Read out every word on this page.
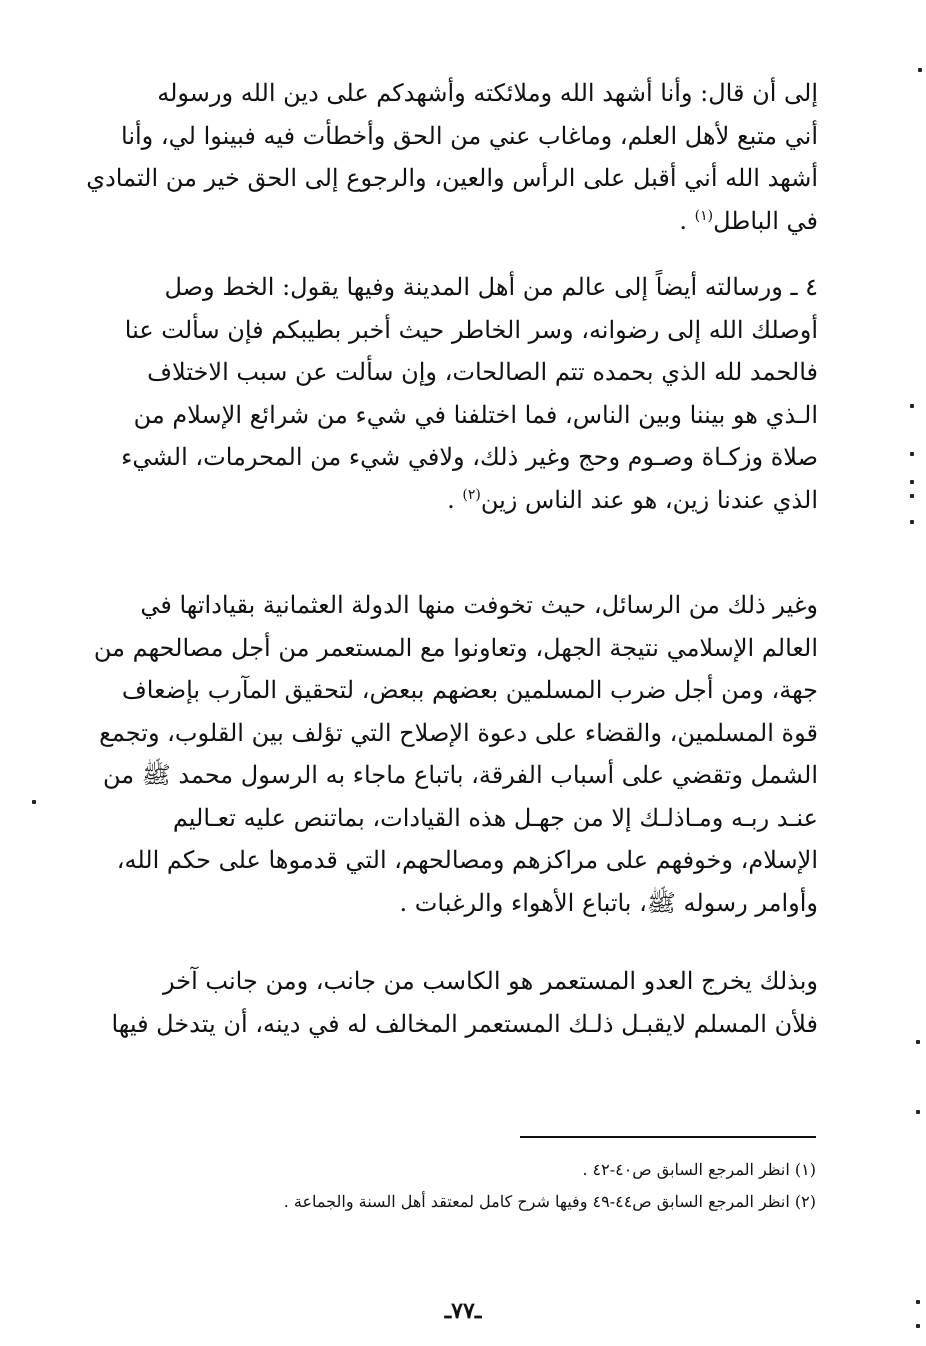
إلى أن قال: وأنا أشهد الله وملائكته وأشهدكم على دين الله ورسوله
أني متبع لأهل العلم، وماغاب عني من الحق وأخطأت فيه فبينوا لي، وأنا
أشهد الله أني أقبل على الرأس والعين، والرجوع إلى الحق خير من التمادي
في الباطل$^{(١)}$ .
٤ ـ ورسالته أيضاً إلى عالم من أهل المدينة وفيها يقول: الخط وصل
أوصلك الله إلى رضوانه، وسر الخاطر حيث أخبر بطيبكم فإن سألت عنا
فالحمد لله الذي بحمده تتم الصالحات، وإن سألت عن سبب الاختلاف
الـذي هو بيننا وبين الناس، فما اختلفنا في شيء من شرائع الإسلام من
صلاة وزكـاة وصـوم وحج وغير ذلك، ولافي شيء من المحرمات، الشيء
الذي عندنا زين، هو عند الناس زين$^{(٢)}$ .
وغير ذلك من الرسائل، حيث تخوفت منها الدولة العثمانية بقياداتها في
العالم الإسلامي نتيجة الجهل، وتعاونوا مع المستعمر من أجل مصالحهم من
جهة، ومن أجل ضرب المسلمين بعضهم ببعض، لتحقيق المآرب بإضعاف
قوة المسلمين، والقضاء على دعوة الإصلاح التي تؤلف بين القلوب، وتجمع
الشمل وتقضي على أسباب الفرقة، باتباع ماجاء به الرسول محمد ﷺ من
عنـد ربـه ومـاذلـك إلا من جهـل هذه القيادات، بماتنص عليه تعـاليم
الإسلام، وخوفهم على مراكزهم ومصالحهم، التي قدموها على حكم الله،
وأوامر رسوله ﷺ، باتباع الأهواء والرغبات .
وبذلك يخرج العدو المستعمر هو الكاسب من جانب، ومن جانب آخر
فلأن المسلم لايقبـل ذلـك المستعمر المخالف له في دينه، أن يتدخل فيها
(١) انظر المرجع السابق ص٤٠-٤٢ .
(٢) انظر المرجع السابق ص٤٤-٤٩ وفيها شرح كامل لمعتقد أهل السنة والجماعة .
ـ٧٧ـ
